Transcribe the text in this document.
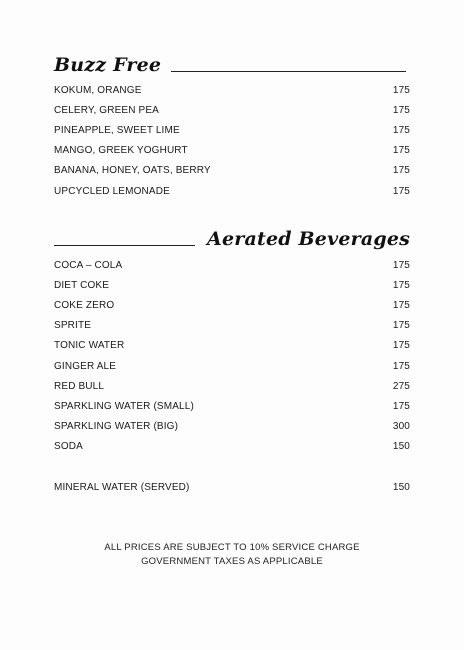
Buzz Free
KOKUM, ORANGE	175
CELERY, GREEN PEA	175
PINEAPPLE, SWEET LIME	175
MANGO, GREEK YOGHURT	175
BANANA, HONEY, OATS, BERRY	175
UPCYCLED LEMONADE	175
Aerated Beverages
COCA – COLA	175
DIET COKE	175
COKE ZERO	175
SPRITE	175
TONIC WATER	175
GINGER ALE	175
RED BULL	275
SPARKLING WATER (SMALL)	175
SPARKLING WATER (BIG)	300
SODA	150
MINERAL WATER (SERVED)	150
ALL PRICES ARE SUBJECT TO 10% SERVICE CHARGE
GOVERNMENT TAXES AS APPLICABLE
